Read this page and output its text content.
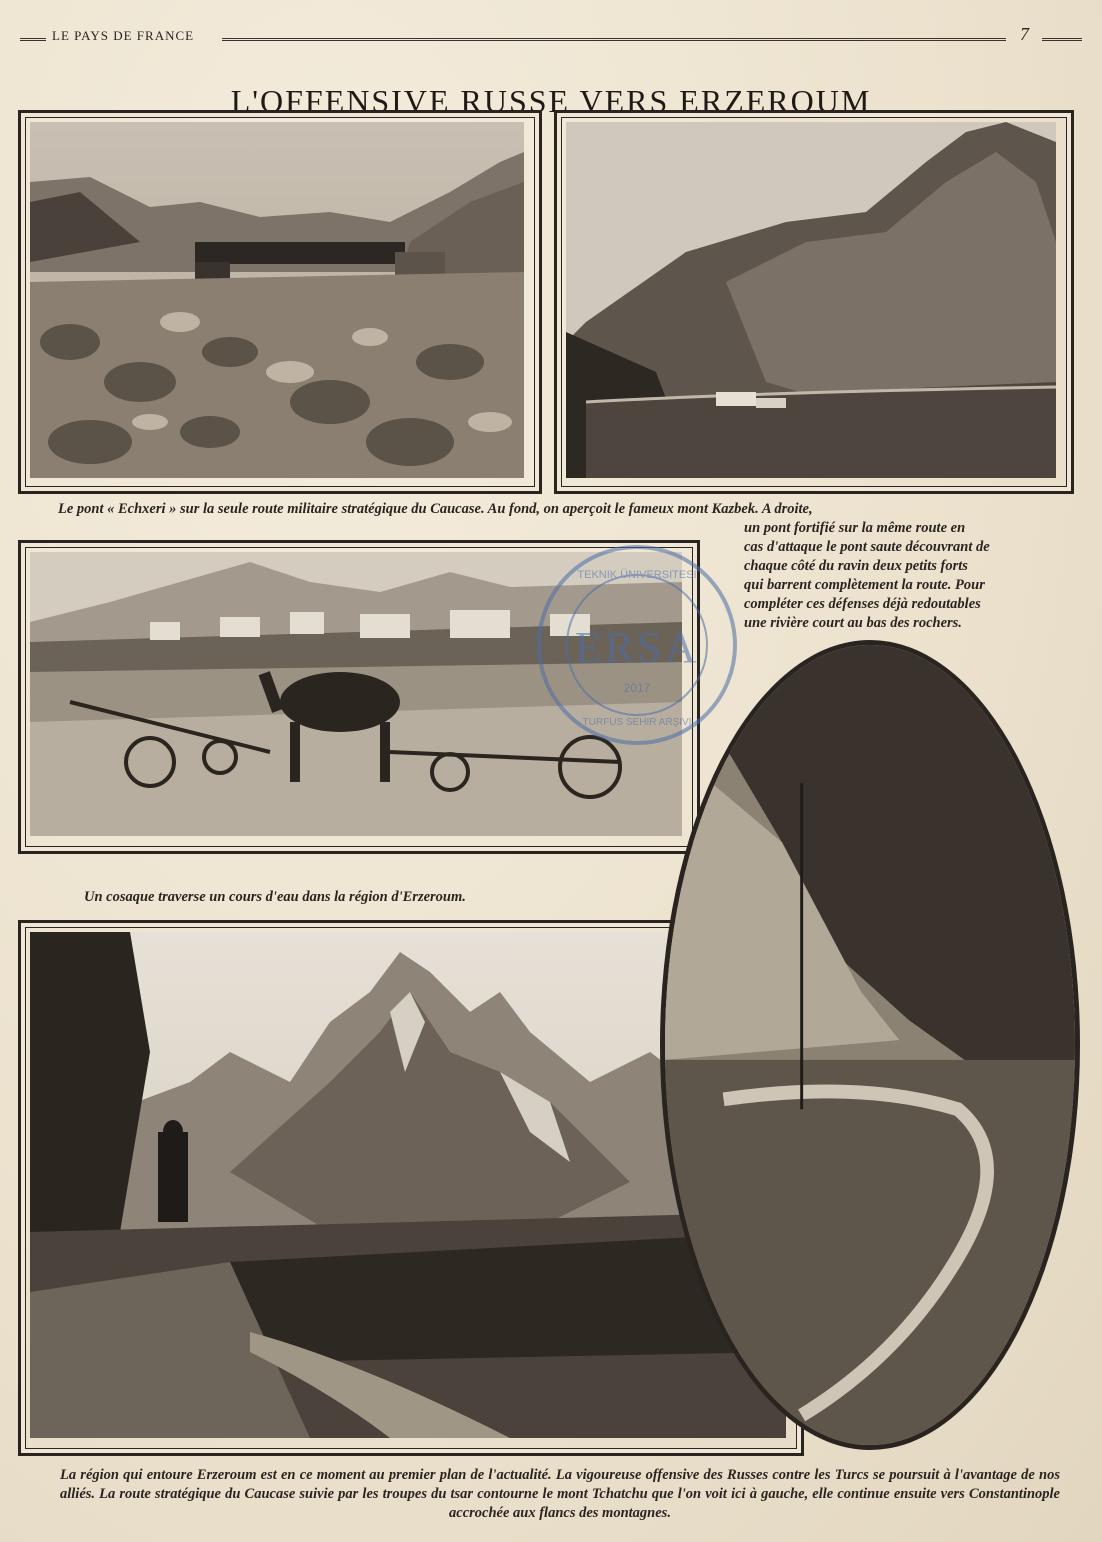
LE PAYS DE FRANCE	7
L'OFFENSIVE RUSSE VERS ERZEROUM
Le pont « Echxeri » sur la seule route militaire stratégique du Caucase. Au fond, on aperçoit le fameux mont Kazbek. A droite,
un pont fortifié sur la même route en
cas d'attaque le pont saute découvrant de
chaque côté du ravin deux petits forts
qui barrent complètement la route. Pour
compléter ces défenses déjà redoutables
une rivière court au bas des rochers.
TEKNIK ÜNIVERSITESI
ERSA
2017
TURFUS SEHIR ARŞIVI
Un cosaque traverse un cours d'eau dans la région d'Erzeroum.
La région qui entoure Erzeroum est en ce moment au premier plan de l'actualité. La vigoureuse offensive des Russes contre les Turcs se poursuit à l'avantage de nos alliés. La route stratégique du Caucase suivie par les troupes du tsar contourne le mont Tchatchu que l'on voit ici à gauche, elle continue ensuite vers Constantinople accrochée aux flancs des montagnes.
